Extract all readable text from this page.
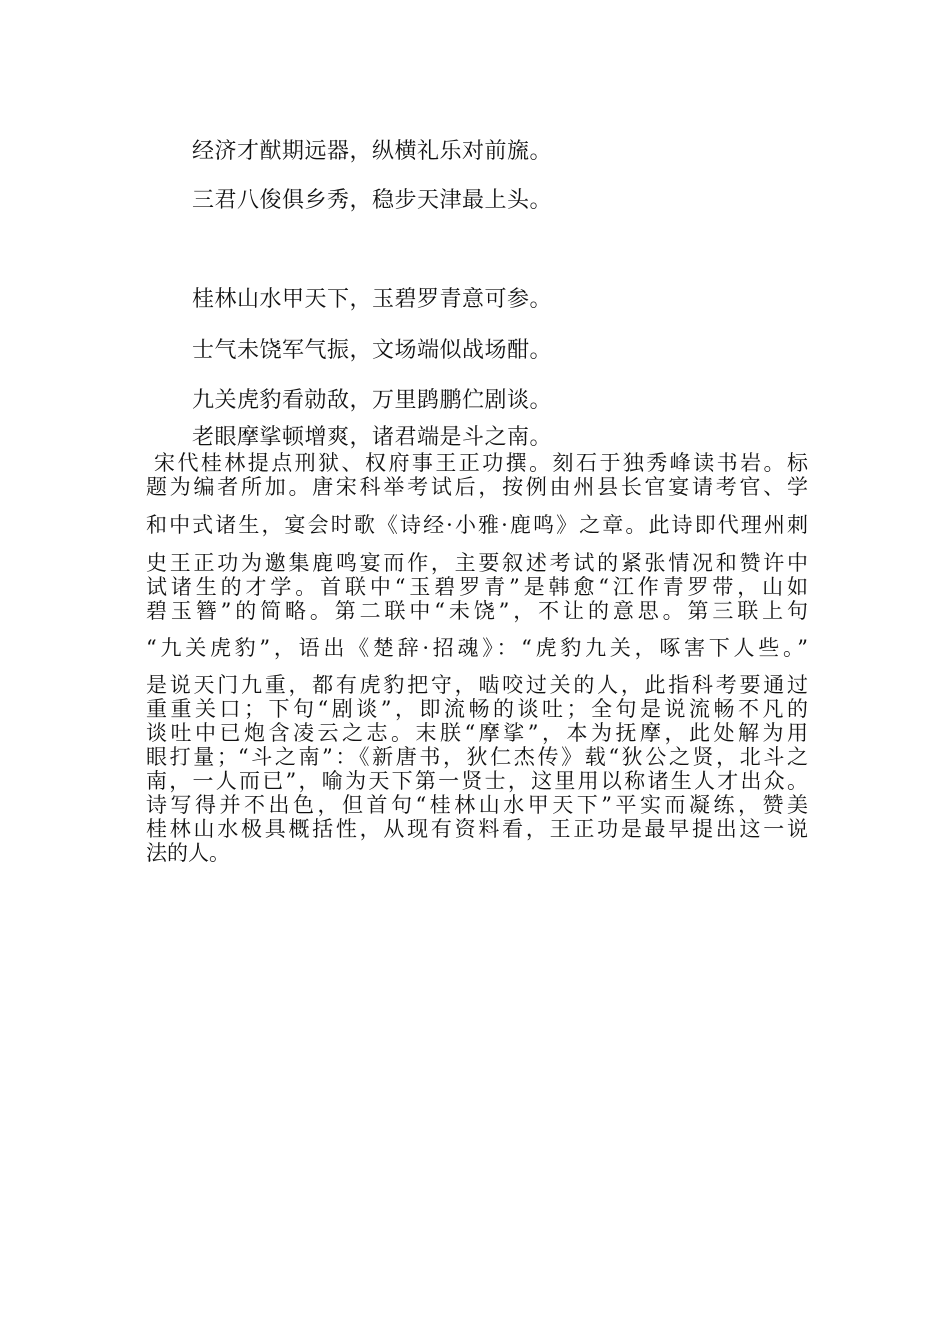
经济才猷期远器，纵横礼乐对前旒。
三君八俊俱乡秀，稳步天津最上头。
桂林山水甲天下，玉碧罗青意可参。
士气未饶军气振，文场端似战场酣。
九关虎豹看勍敌，万里鹍鹏伫剧谈。
老眼摩挲顿增爽，诸君端是斗之南。
宋代桂林提点刑狱、权府事王正功撰。刻石于独秀峰读书岩。标
题为编者所加。唐宋科举考试后，按例由州县长官宴请考官、学
和中式诸生，宴会时歌《诗经·小雅·鹿鸣》之章。此诗即代理州刺
史王正功为邀集鹿鸣宴而作，主要叙述考试的紧张情况和赞许中
试诸生的才学。首联中“玉碧罗青”是韩愈“江作青罗带，山如
碧玉簪”的简略。第二联中“未饶”，不让的意思。第三联上句
“九关虎豹”，语出《楚辞·招魂》：“虎豹九关，啄害下人些。”
是说天门九重，都有虎豹把守，啮咬过关的人，此指科考要通过
重重关口；下句“剧谈”，即流畅的谈吐；全句是说流畅不凡的
谈吐中已炮含凌云之志。末朕“摩挲”，本为抚摩，此处解为用
眼打量；“斗之南”：《新唐书，狄仁杰传》载“狄公之贤，北斗之
南，一人而已”，喻为天下第一贤士，这里用以称诸生人才出众。
诗写得并不出色，但首句“桂林山水甲天下”平实而凝练，赞美
桂林山水极具概括性，从现有资料看，王正功是最早提出这一说
法的人。
